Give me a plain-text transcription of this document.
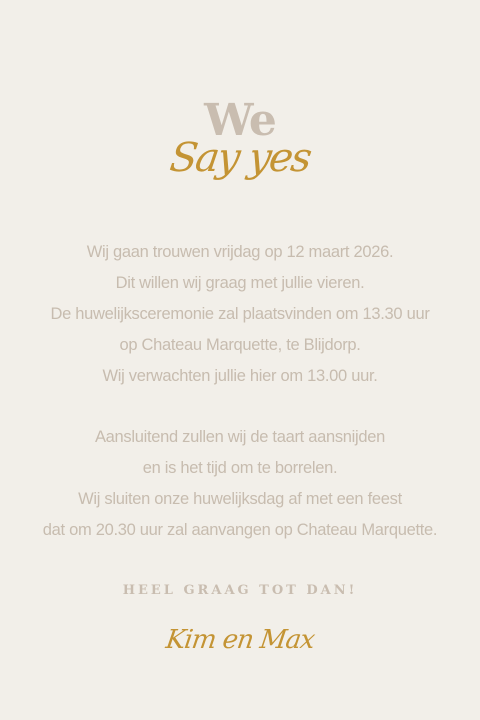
We
Say yes
Wij gaan trouwen vrijdag op 12 maart 2026.
Dit willen wij graag met jullie vieren.
De huwelijksceremonie zal plaatsvinden om 13.30 uur
op Chateau Marquette, te Blijdorp.
Wij verwachten jullie hier om 13.00 uur.
Aansluitend zullen wij de taart aansnijden
en is het tijd om te borrelen.
Wij sluiten onze huwelijksdag af met een feest
dat om 20.30 uur zal aanvangen op Chateau Marquette.
HEEL GRAAG TOT DAN!
Kim en Max
